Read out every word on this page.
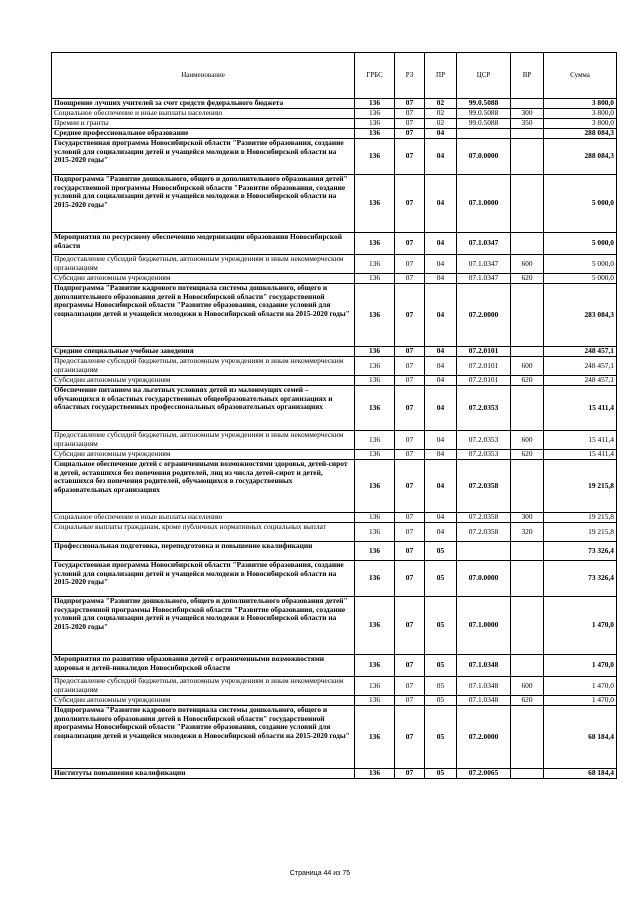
Наименование	ГРБС	РЗ	ПР	ЦСР	ВР	Сумма
Поощрение лучших учителей за счет средств федерального бюджета	136	07	02	99.0.5088		3 800,0
Социальное обеспечение и иные выплаты населению	136	07	02	99.0.5088	300	3 800,0
Премии и гранты	136	07	02	99.0.5088	350	3 800,0
Среднее профессиональное образование	136	07	04			288 084,3
Государственная программа Новосибирской области "Развитие образования, создание условий для социализации детей и учащейся молодежи в Новосибирской области на 2015-2020 годы"	136	07	04	07.0.0000		288 084,3
Подпрограмма "Развитие дошкольного, общего и дополнительного образования детей" государственной программы Новосибирской области "Развитие образования, создание условий для социализации детей и учащейся молодежи в Новосибирской области на 2015-2020 годы"	136	07	04	07.1.0000		5 000,0
Мероприятия по ресурсному обеспечению модернизации образования Новосибирской области	136	07	04	07.1.0347		5 000,0
Предоставление субсидий бюджетным, автономным учреждениям и иным некоммерческим организациям	136	07	04	07.1.0347	600	5 000,0
Субсидии автономным учреждениям	136	07	04	07.1.0347	620	5 000,0
Подпрограмма "Развитие кадрового потенциала системы дошкольного, общего и дополнительного образования детей в Новосибирской области" государственной программы Новосибирской области "Развитие образования, создание условий для социализации детей и учащейся молодежи в Новосибирской области на 2015-2020 годы"	136	07	04	07.2.0000		283 084,3
Средние специальные учебные заведения	136	07	04	07.2.0101		248 457,1
Предоставление субсидий бюджетным, автономным учреждениям и иным некоммерческим организациям	136	07	04	07.2.0101	600	248 457,1
Субсидии автономным учреждениям	136	07	04	07.2.0101	620	248 457,1
Обеспечение питанием на льготных условиях детей из малоимущих семей – обучающихся в областных государственных общеобразовательных организациях и областных государственных профессиональных образовательных организациях	136	07	04	07.2.0353		15 411,4
Предоставление субсидий бюджетным, автономным учреждениям и иным некоммерческим организациям	136	07	04	07.2.0353	600	15 411,4
Субсидии автономным учреждениям	136	07	04	07.2.0353	620	15 411,4
Социальное обеспечение детей с ограниченными возможностями здоровья, детей-сирот и детей, оставшихся без попечения родителей, лиц из числа детей-сирот и детей, оставшихся без попечения родителей, обучающихся в государственных образовательных организациях	136	07	04	07.2.0358		19 215,8
Социальное обеспечение и иные выплаты населению	136	07	04	07.2.0358	300	19 215,8
Социальные выплаты гражданам, кроме публичных нормативных социальных выплат	136	07	04	07.2.0358	320	19 215,8
Профессиональная подготовка, переподготовка и повышение квалификации	136	07	05			73 326,4
Государственная программа Новосибирской области "Развитие образования, создание условий для социализации детей и учащейся молодежи в Новосибирской области на 2015-2020 годы"	136	07	05	07.0.0000		73 326,4
Подпрограмма "Развитие дошкольного, общего и дополнительного образования детей" государственной программы Новосибирской области "Развитие образования, создание условий для социализации детей и учащейся молодежи в Новосибирской области на 2015-2020 годы"	136	07	05	07.1.0000		1 470,0
Мероприятия по развитию образования детей с ограниченными возможностями здоровья и детей-инвалидов Новосибирской области	136	07	05	07.1.0348		1 470,0
Предоставление субсидий бюджетным, автономным учреждениям и иным некоммерческим организациям	136	07	05	07.1.0348	600	1 470,0
Субсидии автономным учреждениям	136	07	05	07.1.0348	620	1 470,0
Подпрограмма "Развитие кадрового потенциала системы дошкольного, общего и дополнительного образования детей в Новосибирской области" государственной программы Новосибирской области "Развитие образования, создание условий для социализации детей и учащейся молодежи в Новосибирской области на 2015-2020 годы"	136	07	05	07.2.0000		68 184,4
Институты повышения квалификации	136	07	05	07.2.0065		68 184,4
Страница 44 из 75
